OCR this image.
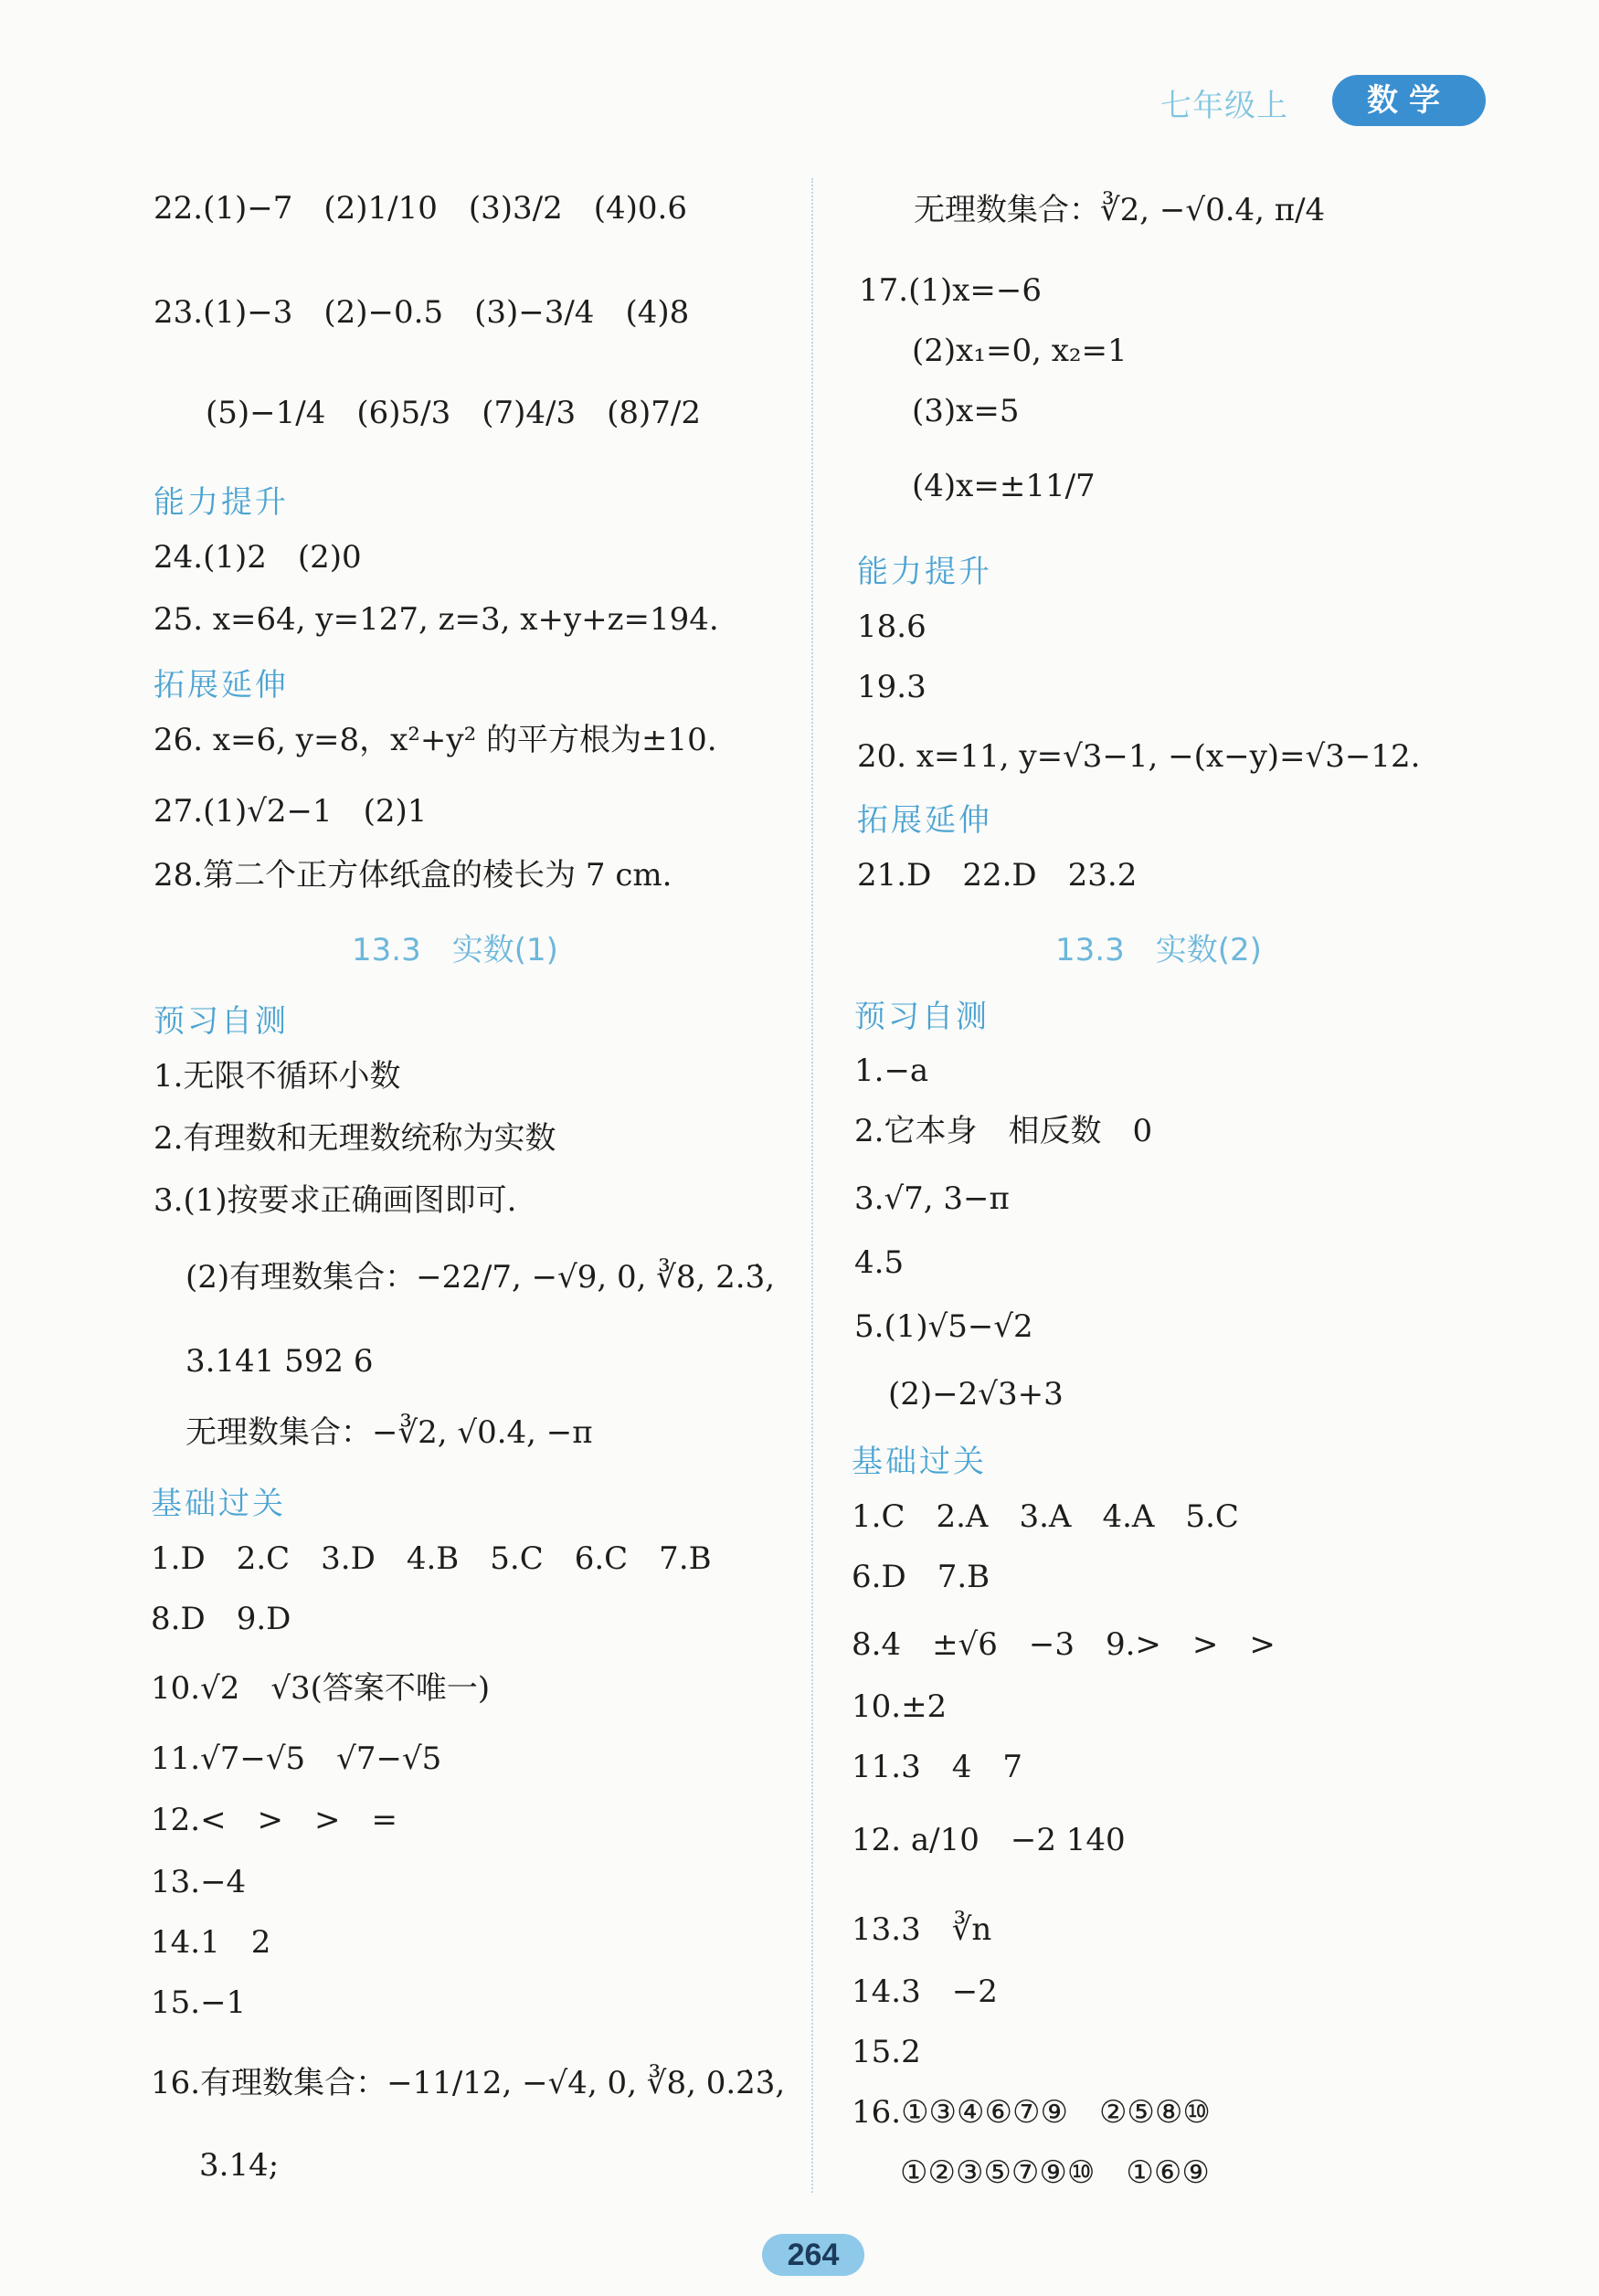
七年级上	数学
22.(1)−7　(2)1/10　(3)3/2　(4)0.6
23.(1)−3　(2)−0.5　(3)−3/4　(4)8
(5)−1/4　(6)5/3　(7)4/3　(8)7/2
能力提升
24.(1)2　(2)0
25. x=64, y=127, z=3, x+y+z=194.
拓展延伸
26. x=6, y=8，x²+y² 的平方根为±10.
27.(1)√2−1　(2)1
28.第二个正方体纸盒的棱长为 7 cm.
13.3　实数(1)
预习自测
1.无限不循环小数
2.有理数和无理数统称为实数
3.(1)按要求正确画图即可.
(2)有理数集合：−22/7, −√9, 0, ∛8, 2.3̇,
3.141 592 6
无理数集合：−∛2, √0.4, −π
基础过关
1.D　2.C　3.D　4.B　5.C　6.C　7.B
8.D　9.D
10.√2　√3(答案不唯一)
11.√7−√5　√7−√5
12.<　>　>　=
13.−4
14.1　2
15.−1
16.有理数集合：−11/12, −√4, 0, ∛8, 0.2̇3̇,
3.14;
无理数集合：∛2, −√0.4, π/4
17.(1)x=−6
(2)x₁=0, x₂=1
(3)x=5
(4)x=±11/7
能力提升
18.6
19.3
20. x=11, y=√3−1, −(x−y)=√3−12.
拓展延伸
21.D　22.D　23.2
13.3　实数(2)
预习自测
1.−a
2.它本身　相反数　0
3.√7, 3−π
4.5
5.(1)√5−√2
(2)−2√3+3
基础过关
1.C　2.A　3.A　4.A　5.C
6.D　7.B
8.4　±√6　−3　9.>　>　>
10.±2
11.3　4　7
12. a/10　−2 140
13.3　∛n
14.3　−2
15.2
16.①③④⑥⑦⑨　②⑤⑧⑩
①②③⑤⑦⑨⑩　①⑥⑨
264
